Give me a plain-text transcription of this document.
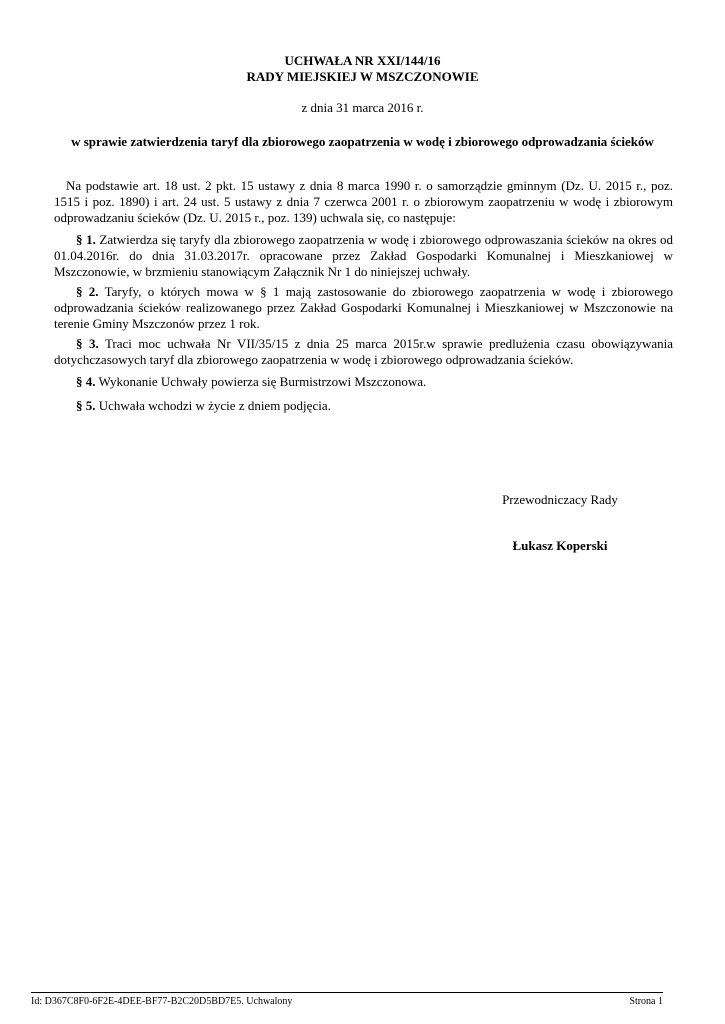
UCHWAŁA NR XXI/144/16
RADY MIEJSKIEJ W MSZCZONOWIE
z dnia 31 marca 2016 r.
w sprawie zatwierdzenia taryf dla zbiorowego zaopatrzenia w wodę i zbiorowego odprowadzania ścieków
Na podstawie art. 18 ust. 2 pkt. 15 ustawy z dnia 8 marca 1990 r. o samorządzie gminnym (Dz. U. 2015 r., poz. 1515 i poz. 1890) i art. 24 ust. 5 ustawy z dnia 7 czerwca 2001 r. o zbiorowym zaopatrzeniu w wodę i zbiorowym odprowadzaniu ścieków (Dz. U. 2015 r., poz. 139) uchwala się, co następuje:
§ 1. Zatwierdza się taryfy dla zbiorowego zaopatrzenia w wodę i zbiorowego odprowaszania ścieków na okres od 01.04.2016r. do dnia 31.03.2017r. opracowane przez Zakład Gospodarki Komunalnej i Mieszkaniowej w Mszczonowie, w brzmieniu stanowiącym Załącznik Nr 1 do niniejszej uchwały.
§ 2. Taryfy, o których mowa w § 1 mają zastosowanie do zbiorowego zaopatrzenia w wodę i zbiorowego odprowadzania ścieków realizowanego przez Zakład Gospodarki Komunalnej i Mieszkaniowej w Mszczonowie na terenie Gminy Mszczonów przez 1 rok.
§ 3. Traci moc uchwała Nr VII/35/15 z dnia 25 marca 2015r.w sprawie predlużenia czasu obowiązywania dotychczasowych taryf dla zbiorowego zaopatrzenia w wodę i zbiorowego odprowadzania ścieków.
§ 4. Wykonanie Uchwały powierza się Burmistrzowi Mszczonowa.
§ 5. Uchwała wchodzi w życie z dniem podjęcia.
Przewodniczacy Rady
Łukasz Koperski
Id: D367C8F0-6F2E-4DEE-BF77-B2C20D5BD7E5. Uchwalony	Strona 1
